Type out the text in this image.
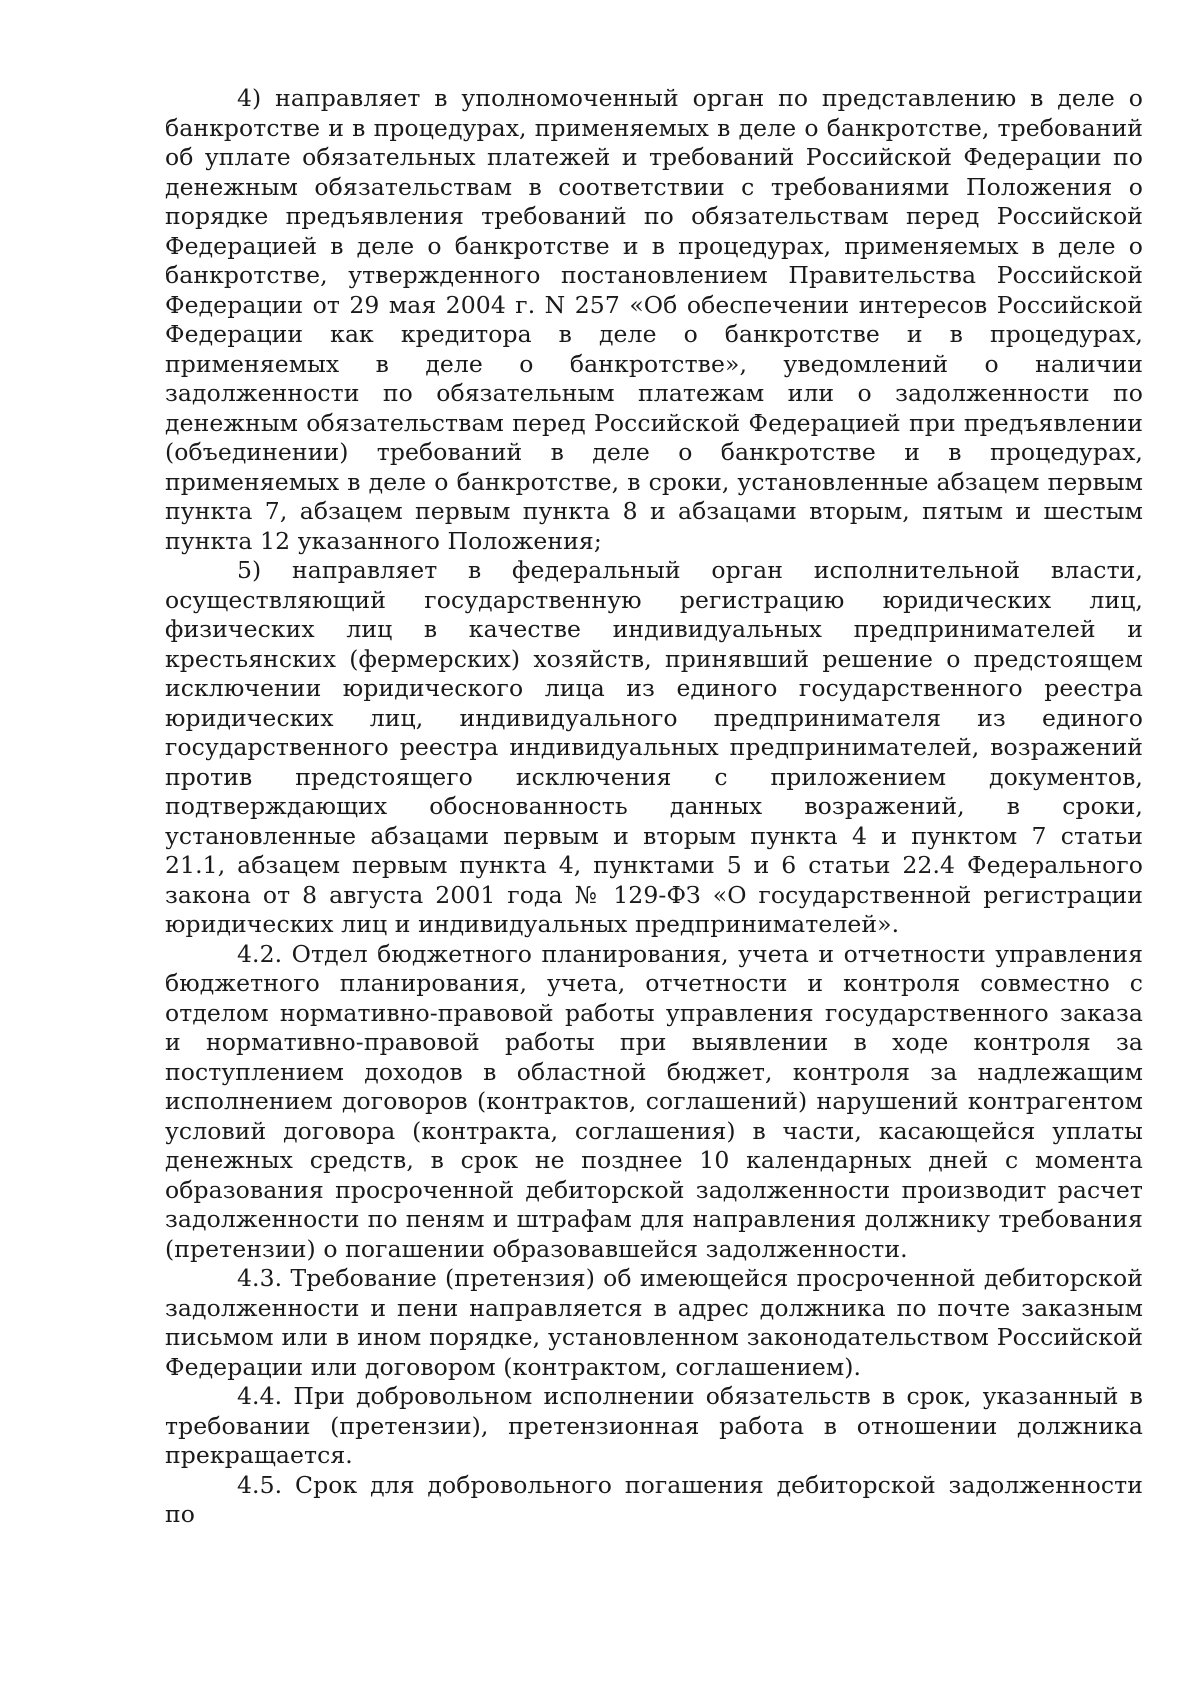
4) направляет в уполномоченный орган по представлению в деле о банкротстве и в процедурах, применяемых в деле о банкротстве, требований об уплате обязательных платежей и требований Российской Федерации по денежным обязательствам в соответствии с требованиями Положения о порядке предъявления требований по обязательствам перед Российской Федерацией в деле о банкротстве и в процедурах, применяемых в деле о банкротстве, утвержденного постановлением Правительства Российской Федерации от 29 мая 2004 г. N 257 «Об обеспечении интересов Российской Федерации как кредитора в деле о банкротстве и в процедурах, применяемых в деле о банкротстве», уведомлений о наличии задолженности по обязательным платежам или о задолженности по денежным обязательствам перед Российской Федерацией при предъявлении (объединении) требований в деле о банкротстве и в процедурах, применяемых в деле о банкротстве, в сроки, установленные абзацем первым пункта 7, абзацем первым пункта 8 и абзацами вторым, пятым и шестым пункта 12 указанного Положения;

5) направляет в федеральный орган исполнительной власти, осуществляющий государственную регистрацию юридических лиц, физических лиц в качестве индивидуальных предпринимателей и крестьянских (фермерских) хозяйств, принявший решение о предстоящем исключении юридического лица из единого государственного реестра юридических лиц, индивидуального предпринимателя из единого государственного реестра индивидуальных предпринимателей, возражений против предстоящего исключения с приложением документов, подтверждающих обоснованность данных возражений, в сроки, установленные абзацами первым и вторым пункта 4 и пунктом 7 статьи 21.1, абзацем первым пункта 4, пунктами 5 и 6 статьи 22.4 Федерального закона от 8 августа 2001 года № 129-ФЗ «О государственной регистрации юридических лиц и индивидуальных предпринимателей».

4.2. Отдел бюджетного планирования, учета и отчетности управления бюджетного планирования, учета, отчетности и контроля совместно с отделом нормативно-правовой работы управления государственного заказа и нормативно-правовой работы при выявлении в ходе контроля за поступлением доходов в областной бюджет, контроля за надлежащим исполнением договоров (контрактов, соглашений) нарушений контрагентом условий договора (контракта, соглашения) в части, касающейся уплаты денежных средств, в срок не позднее 10 календарных дней с момента образования просроченной дебиторской задолженности производит расчет задолженности по пеням и штрафам для направления должнику требования (претензии) о погашении образовавшейся задолженности.

4.3. Требование (претензия) об имеющейся просроченной дебиторской задолженности и пени направляется в адрес должника по почте заказным письмом или в ином порядке, установленном законодательством Российской Федерации или договором (контрактом, соглашением).

4.4. При добровольном исполнении обязательств в срок, указанный в требовании (претензии), претензионная работа в отношении должника прекращается.

4.5. Срок для добровольного погашения дебиторской задолженности по
